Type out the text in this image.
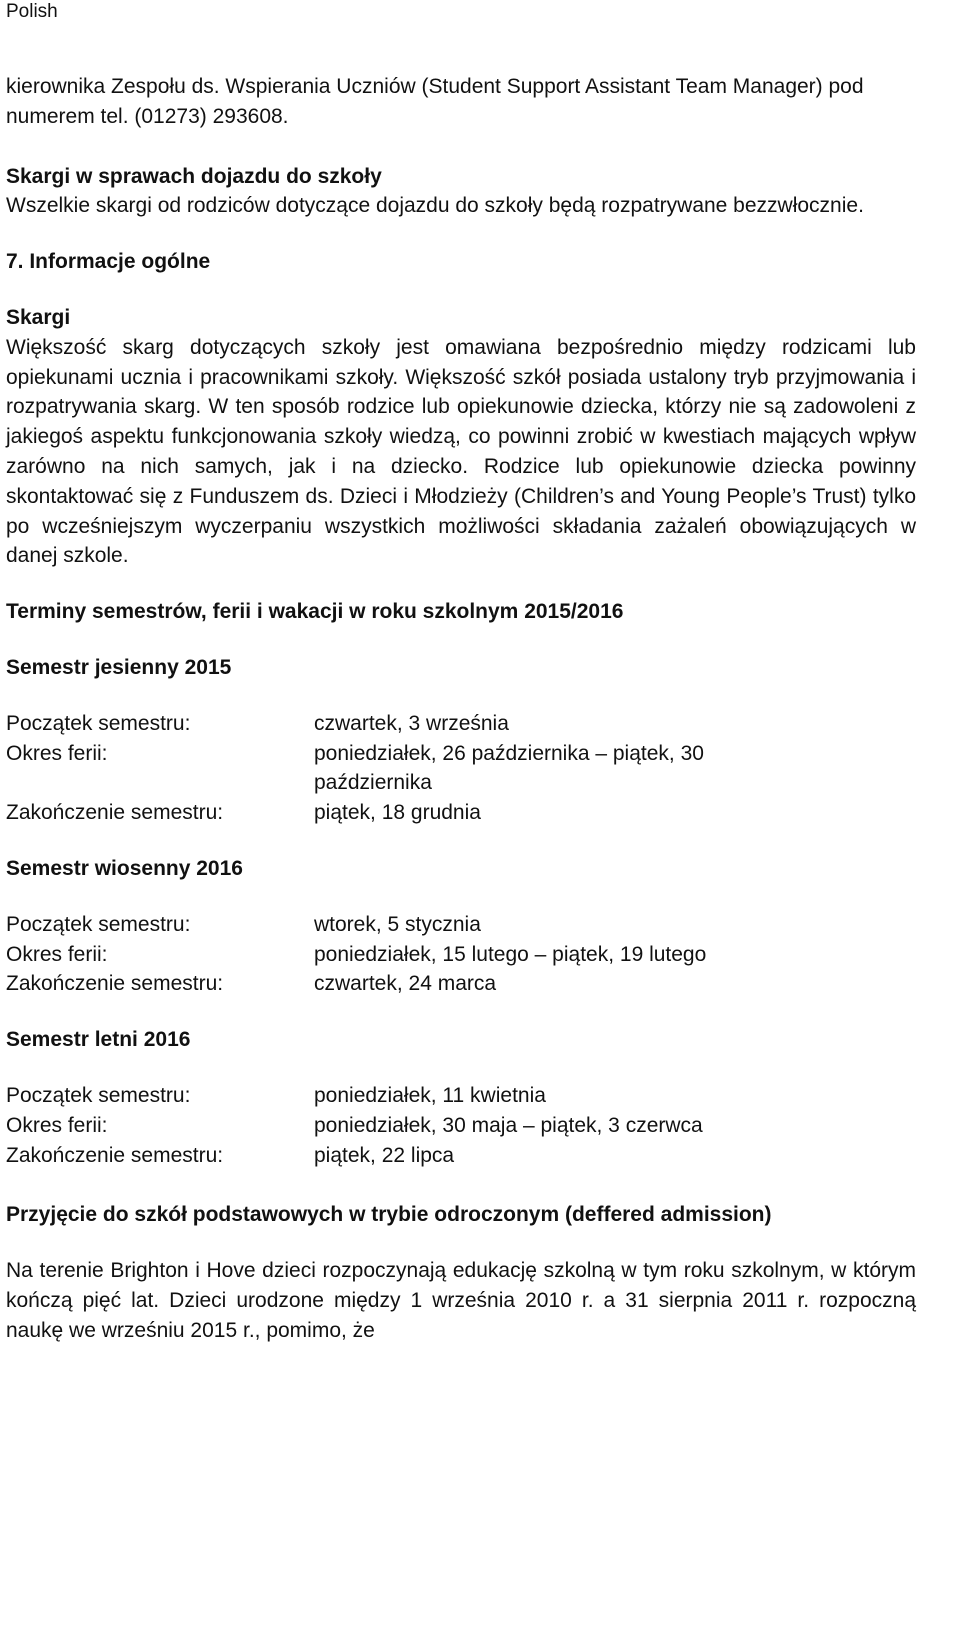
Polish

kierownika Zespołu ds. Wspierania Uczniów (Student Support Assistant Team Manager) pod numerem tel. (01273) 293608.

Skargi w sprawach dojazdu do szkoły

Wszelkie skargi od rodziców dotyczące dojazdu do szkoły będą rozpatrywane bezzwłocznie.

7. Informacje ogólne

Skargi

Większość skarg dotyczących szkoły jest omawiana bezpośrednio między rodzicami lub opiekunami ucznia i pracownikami szkoły. Większość szkół posiada ustalony tryb przyjmowania i rozpatrywania skarg. W ten sposób rodzice lub opiekunowie dziecka, którzy nie są zadowoleni z jakiegoś aspektu funkcjonowania szkoły wiedzą, co powinni zrobić w kwestiach mających wpływ zarówno na nich samych, jak i na dziecko. Rodzice lub opiekunowie dziecka powinny skontaktować się z Funduszem ds. Dzieci i Młodzieży (Children’s and Young People’s Trust) tylko po wcześniejszym wyczerpaniu wszystkich możliwości składania zażaleń obowiązujących w danej szkole.

Terminy semestrów, ferii i wakacji w roku szkolnym 2015/2016

Semestr jesienny 2015

Początek semestru:	czwartek, 3 września
Okres ferii:	poniedziałek, 26 października – piątek, 30 października
Zakończenie semestru:	piątek, 18 grudnia

Semestr wiosenny 2016

Początek semestru:	wtorek, 5 stycznia
Okres ferii:	poniedziałek, 15 lutego – piątek, 19 lutego
Zakończenie semestru:	czwartek, 24 marca

Semestr letni 2016

Początek semestru:	poniedziałek, 11 kwietnia
Okres ferii:	poniedziałek, 30 maja – piątek, 3 czerwca
Zakończenie semestru:	piątek, 22 lipca

Przyjęcie do szkół podstawowych w trybie odroczonym (deffered admission)

Na terenie Brighton i Hove dzieci rozpoczynają edukację szkolną w tym roku szkolnym, w którym kończą pięć lat. Dzieci urodzone między 1 września 2010 r. a 31 sierpnia 2011 r. rozpoczną naukę we wrześniu 2015 r., pomimo, że
